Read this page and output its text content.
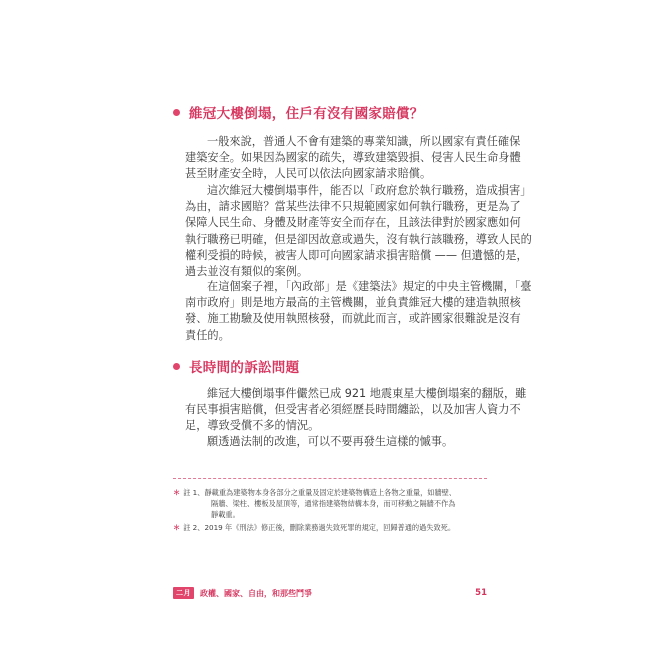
維冠大樓倒塌，住戶有沒有國家賠償？
一般來說，普通人不會有建築的專業知識，所以國家有責任確保
建築安全。如果因為國家的疏失，導致建築毀損、侵害人民生命身體
甚至財產安全時，人民可以依法向國家請求賠償。
這次維冠大樓倒塌事件，能否以「政府怠於執行職務，造成損害」
為由，請求國賠？當某些法律不只規範國家如何執行職務，更是為了
保障人民生命、身體及財產等安全而存在，且該法律對於國家應如何
執行職務已明確，但是卻因故意或過失，沒有執行該職務，導致人民的
權利受損的時候，被害人即可向國家請求損害賠償 —— 但遺憾的是，
過去並沒有類似的案例。
在這個案子裡，「內政部」是《建築法》規定的中央主管機關，「臺
南市政府」則是地方最高的主管機關，並負責維冠大樓的建造執照核
發、施工勘驗及使用執照核發，而就此而言，或許國家很難說是沒有
責任的。
長時間的訴訟問題
維冠大樓倒塌事件儼然已成 921 地震東星大樓倒塌案的翻版，雖
有民事損害賠償，但受害者必須經歷長時間纏訟，以及加害人資力不
足，導致受償不多的情況。
願透過法制的改進，可以不要再發生這樣的慽事。
＊ 註 1、靜載重為建築物本身各部分之重量及固定於建築物構造上各物之重量，如牆壁、
隔牆、梁柱、樓板及屋頂等，通常指建築物結構本身，而可移動之隔牆不作為
靜載重。
＊ 註 2、2019 年《刑法》修正後，刪除業務過失致死罪的規定，回歸普通的過失致死。
二月	政權、國家、自由，和那些鬥爭	51
